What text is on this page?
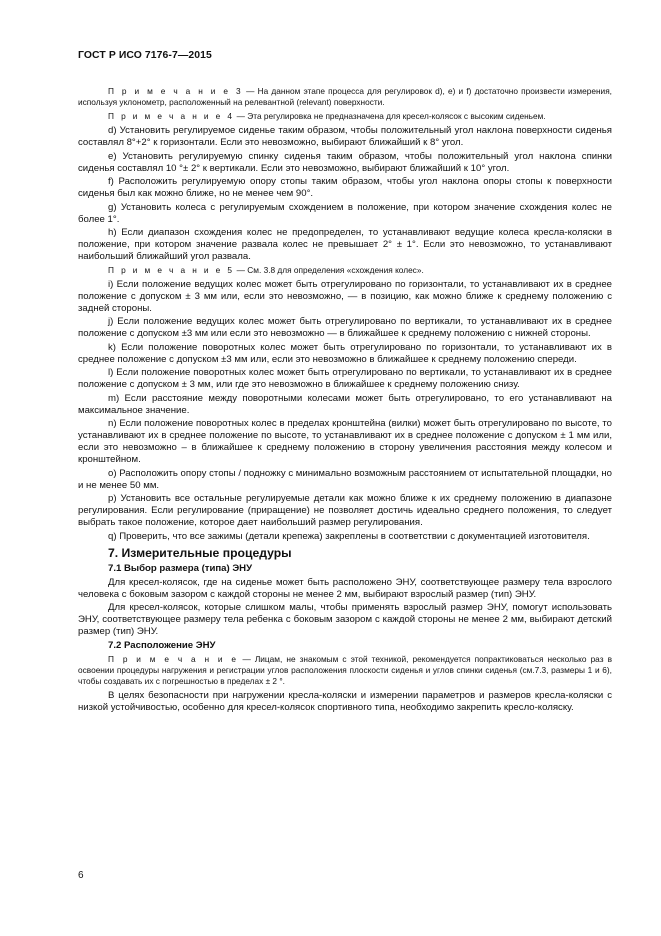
ГОСТ Р ИСО 7176-7—2015

П р и м е ч а н и е 3 — На данном этапе процесса для регулировок d), e) и f) достаточно произвести измерения, используя уклонометр, расположенный на релевантной (relevant) поверхности.

П р и м е ч а н и е 4 — Эта регулировка не предназначена для кресел-колясок с высоким сиденьем.

d) Установить регулируемое сиденье таким образом, чтобы положительный угол наклона поверхности сиденья составлял 8°+2° к горизонтали. Если это невозможно, выбирают ближайший к 8° угол.

e) Установить регулируемую спинку сиденья таким образом, чтобы положительный угол наклона спинки сиденья составлял 10 °± 2° к вертикали. Если это невозможно, выбирают ближайший к 10° угол.

f) Расположить регулируемую опору стопы таким образом, чтобы угол наклона опоры стопы к поверхности сиденья был как можно ближе, но не менее чем 90°.

g) Установить колеса с регулируемым схождением в положение, при котором значение схождения колес не более 1°.

h) Если диапазон схождения колес не предопределен, то устанавливают ведущие колеса кресла-коляски в положение, при котором значение развала колес не превышает 2° ± 1°. Если это невозможно, то устанавливают наибольший ближайший угол развала.

П р и м е ч а н и е 5 — См. 3.8 для определения «схождения колес».

i) Если положение ведущих колес может быть отрегулировано по горизонтали, то устанавливают их в среднее положение с допуском ± 3 мм или, если это невозможно, — в позицию, как можно ближе к среднему положению с задней стороны.

j) Если положение ведущих колес может быть отрегулировано по вертикали, то устанавливают их в среднее положение с допуском ±3 мм или если это невозможно — в ближайшее к среднему положению с нижней стороны.

k) Если положение поворотных колес может быть отрегулировано по горизонтали, то устанавливают их в среднее положение с допуском ±3 мм или, если это невозможно в ближайшее к среднему положению спереди.

l) Если положение поворотных колес может быть отрегулировано по вертикали, то устанавливают их в среднее положение с допуском ± 3 мм, или где это невозможно в ближайшее к среднему положению снизу.

m) Если расстояние между поворотными колесами может быть отрегулировано, то его устанавливают на максимальное значение.

n) Если положение поворотных колес в пределах кронштейна (вилки) может быть отрегулировано по высоте, то устанавливают их в среднее положение по высоте, то устанавливают их в среднее положение с допуском ± 1 мм или, если это невозможно – в ближайшее к среднему положению в сторону увеличения расстояния между колесом и кронштейном.

o) Расположить опору стопы / подножку с минимально возможным расстоянием от испытательной площадки, но и не менее 50 мм.

p) Установить все остальные регулируемые детали как можно ближе к их среднему положению в диапазоне регулирования. Если регулирование (приращение) не позволяет достичь идеально среднего положения, то следует выбрать такое положение, которое дает наибольший размер регулирования.

q) Проверить, что все зажимы (детали крепежа) закреплены в соответствии с документацией изготовителя.

7. Измерительные процедуры
7.1 Выбор размера (типа) ЭНУ

Для кресел-колясок, где на сиденье может быть расположено ЭНУ, соответствующее размеру тела взрослого человека с боковым зазором с каждой стороны не менее 2 мм, выбирают взрослый размер (тип) ЭНУ.

Для кресел-колясок, которые слишком малы, чтобы применять взрослый размер ЭНУ, помогут использовать ЭНУ, соответствующее размеру тела ребенка с боковым зазором с каждой стороны не менее 2 мм, выбирают детский размер (тип) ЭНУ.

7.2 Расположение ЭНУ

П р и м е ч а н и е — Лицам, не знакомым с этой техникой, рекомендуется попрактиковаться несколько раз в освоении процедуры нагружения и регистрации углов расположения плоскости сиденья и углов спинки сиденья (см.7.3, размеры 1 и 6), чтобы создавать их с погрешностью в пределах ± 2 °.

В целях безопасности при нагружении кресла-коляски и измерении параметров и размеров кресла-коляски с низкой устойчивостью, особенно для кресел-колясок спортивного типа, необходимо закрепить кресло-коляску.

6
